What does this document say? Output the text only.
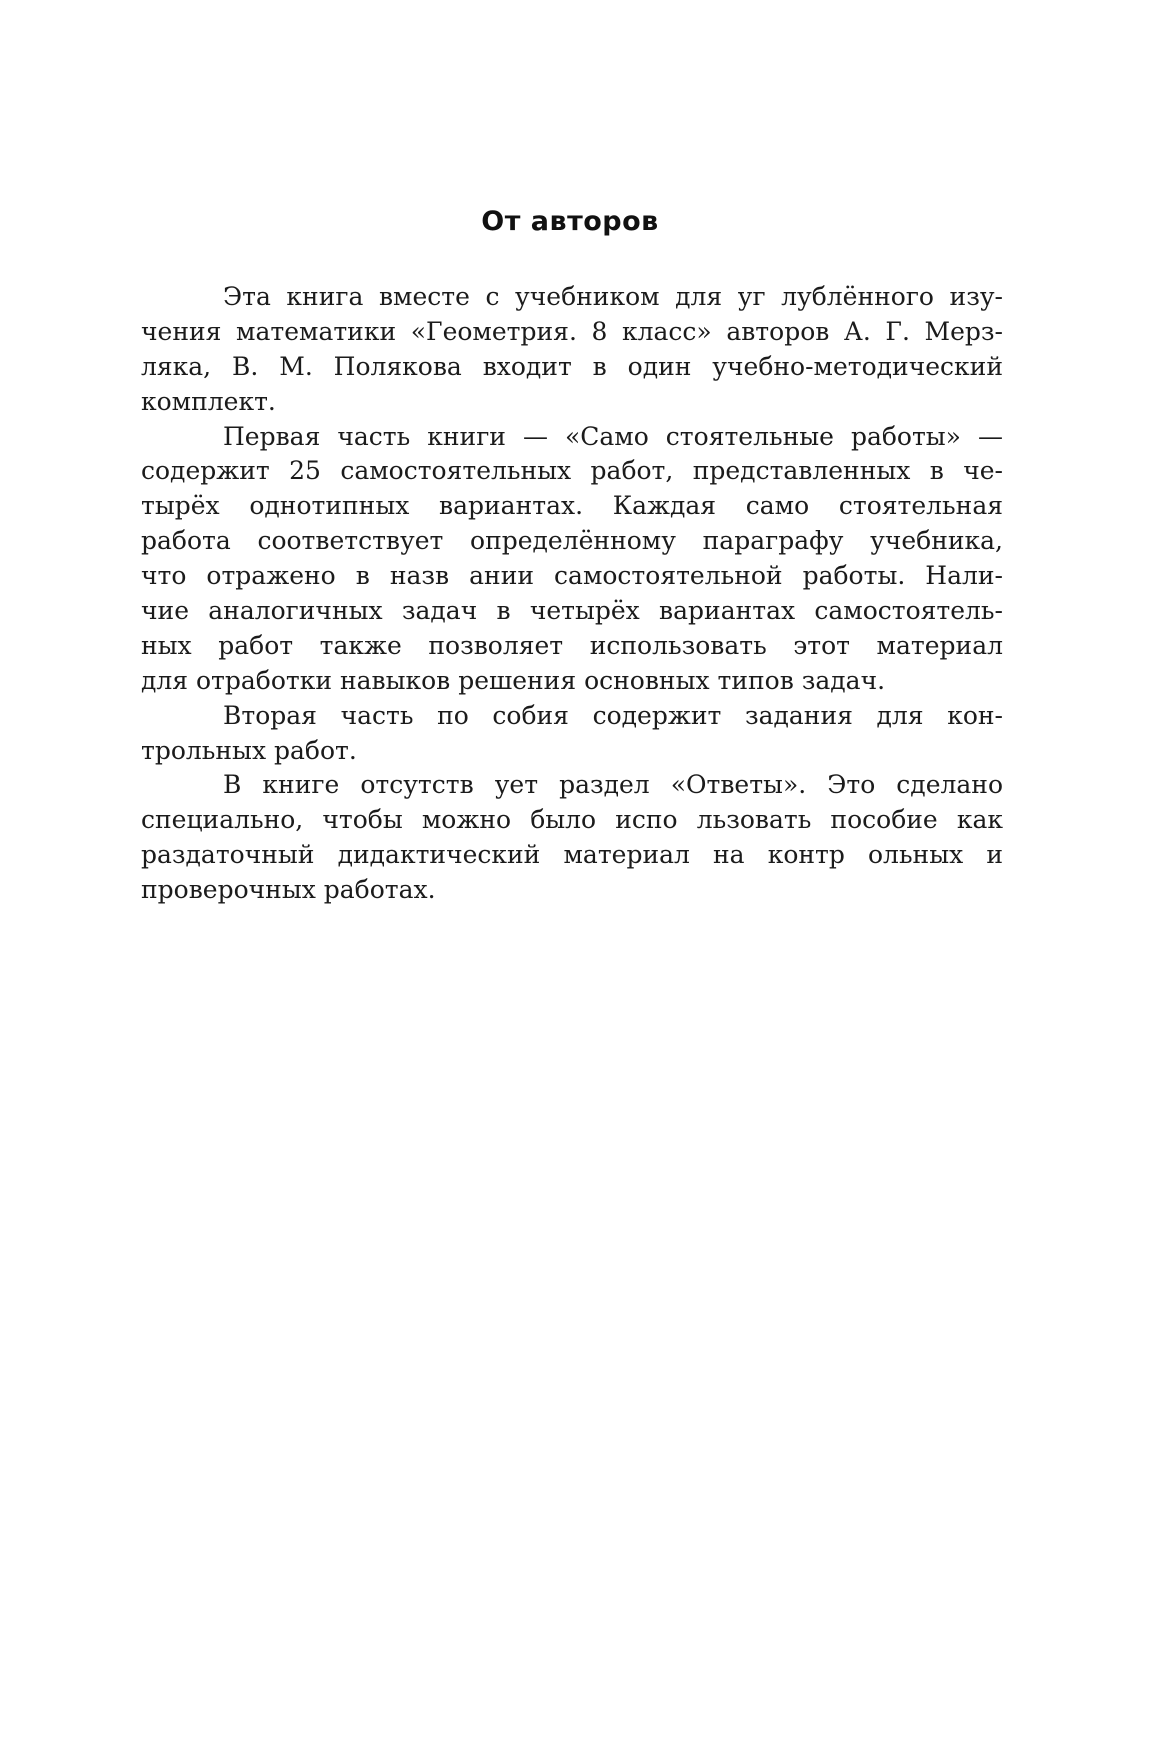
От авторов
Эта книга вместе с учебником для уг лублённого изу-
чения математики «Геометрия. 8 класс» авторов А. Г. Мерз-
ляка, В. М. Полякова входит в один учебно-методический
комплект.
Первая часть книги — «Само стоятельные работы» —
содержит 25 самостоятельных работ, представленных в че-
тырёх однотипных вариантах. Каждая само стоятельная
работа соответствует определённому параграфу учебника,
что отражено в назв ании самостоятельной работы. Нали-
чие аналогичных задач в четырёх вариантах самостоятель-
ных работ также позволяет использовать этот материал
для отработки навыков решения основных типов задач.
Вторая часть по собия содержит задания для кон-
трольных работ.
В книге отсутств ует раздел «Ответы». Это сделано
специально, чтобы можно было испо льзовать пособие как
раздаточный дидактический материал на контр ольных и
проверочных работах.
